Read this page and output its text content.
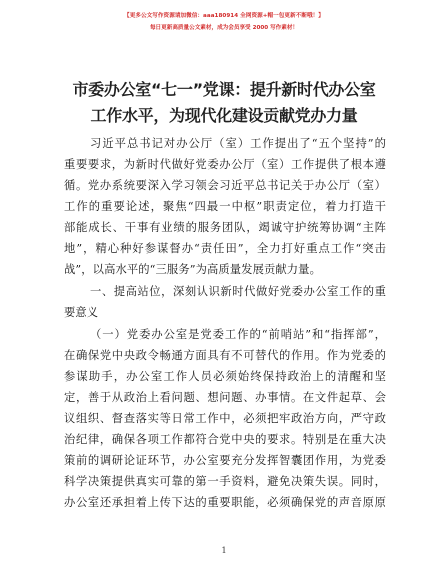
【更多公文写作资源请加微信：aaa180914 全网资源+帽一包更新不断哦！】
每日更新高质量公文素材，成为会员享受 2000 写作素材！
市委办公室“七一”党课：提升新时代办公室
工作水平，为现代化建设贡献党办力量
习近平总书记对办公厅（室）工作提出了“五个坚持”的
重要要求，为新时代做好党委办公厅（室）工作提供了根本遵
循。党办系统要深入学习领会习近平总书记关于办公厅（室）
工作的重要论述，聚焦“四最一中枢”职责定位，着力打造干
部能成长、干事有业绩的服务团队，竭诚守护统筹协调“主阵
地”，精心种好参谋督办“责任田”，全力打好重点工作“突击
战”，以高水平的“三服务”为高质量发展贡献力量。
一、提高站位，深刻认识新时代做好党委办公室工作的重
要意义
（一）党委办公室是党委工作的“前哨站”和“指挥部”，
在确保党中央政令畅通方面具有不可替代的作用。作为党委的
参谋助手，办公室工作人员必须始终保持政治上的清醒和坚
定，善于从政治上看问题、想问题、办事情。在文件起草、会
议组织、督查落实等日常工作中，必须把牢政治方向，严守政
治纪律，确保各项工作都符合党中央的要求。特别是在重大决
策前的调研论证环节，办公室要充分发挥智囊团作用，为党委
科学决策提供真实可靠的第一手资料，避免决策失误。同时，
办公室还承担着上传下达的重要职能，必须确保党的声音原原
1
